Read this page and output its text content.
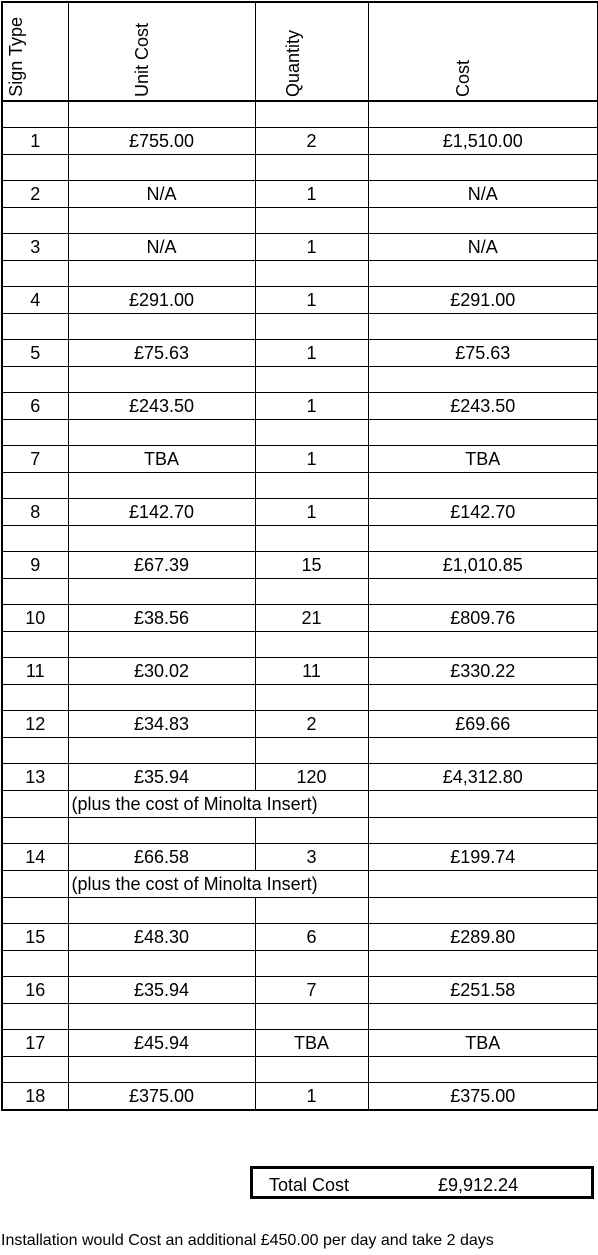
Sign Type	Unit Cost	Quantity	Cost

1	£755.00	2	£1,510.00

2	N/A	1	N/A

3	N/A	1	N/A

4	£291.00	1	£291.00

5	£75.63	1	£75.63

6	£243.50	1	£243.50

7	TBA	1	TBA

8	£142.70	1	£142.70

9	£67.39	15	£1,010.85

10	£38.56	21	£809.76

11	£30.02	11	£330.22

12	£34.83	2	£69.66

13	£35.94	120	£4,312.80
	(plus the cost of Minolta Insert)		

14	£66.58	3	£199.74
	(plus the cost of Minolta Insert)		

15	£48.30	6	£289.80

16	£35.94	7	£251.58

17	£45.94	TBA	TBA

18	£375.00	1	£375.00
Total Cost	£9,912.24
Installation would Cost an additional £450.00 per day and take 2 days
